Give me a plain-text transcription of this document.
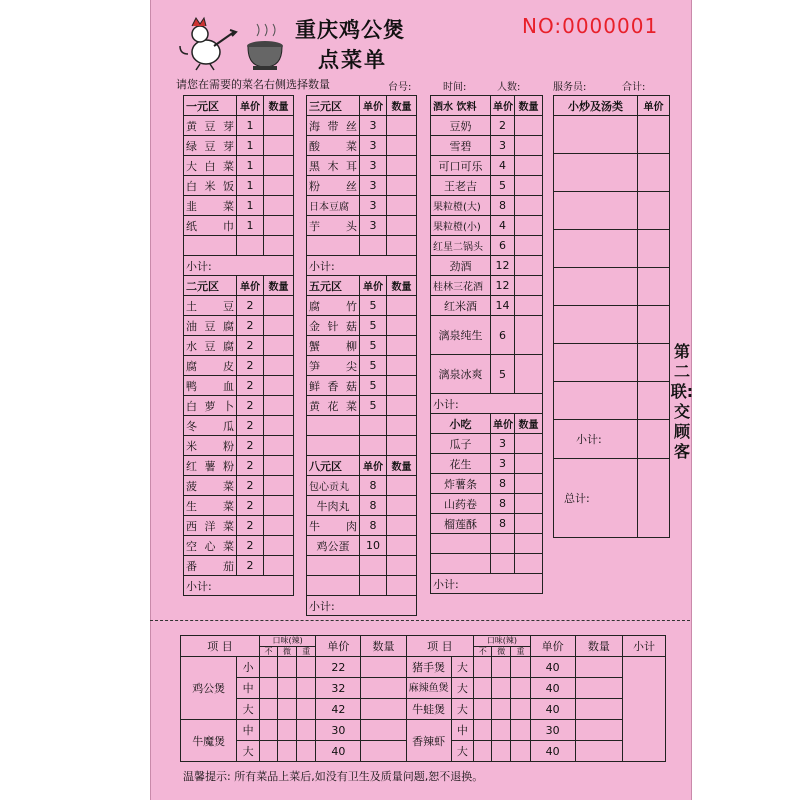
重庆鸡公煲
点菜单
NO:0000001
请您在需要的菜名右侧选择数量	台号:	时间:	人数:	服务员:	合计:
一元区	单价	数量
黄豆芽	1	
绿豆芽	1	
大白菜	1	
白米饭	1	
韭 菜	1	
纸 巾	1	

小计:		
二元区	单价	数量
土 豆	2	
油豆腐	2	
水豆腐	2	
腐 皮	2	
鸭 血	2	
白萝卜	2	
冬 瓜	2	
米 粉	2	
红薯粉	2	
菠 菜	2	
生 菜	2	
西洋菜	2	
空心菜	2	
番 茄	2	
小计:		
三元区	单价	数量
海带丝	3	
酸 菜	3	
黑木耳	3	
粉 丝	3	
日本豆腐	3	
芋 头	3	

小计:		
五元区	单价	数量
腐 竹	5	
金针菇	5	
蟹 柳	5	
笋 尖	5	
鲜香菇	5	
黄花菜	5	

八元区	单价	数量
包心贡丸	8	
牛肉丸	8	
牛 肉	8	
鸡公蛋	10	

小计:		
酒水 饮料	单价	数量
豆奶	2	
雪碧	3	
可口可乐	4	
王老吉	5	
果粒橙(大)	8	
果粒橙(小)	4	
红星二锅头	6	
劲酒	12	
桂林三花酒	12	
红米酒	14	
漓泉纯生	6	
漓泉冰爽	5	
小计:		
小吃	单价	数量
瓜子	3	
花生	3	
炸薯条	8	
山药卷	8	
榴莲酥	8	

小计:		
小炒及汤类	单价

小计:	
总计:	
第二联:交顾客
项 目		口味(辣)			单价	数量	项 目		口味(辣)			单价	数量	小计
		不	微	重					不	微	重			
鸡公煲	小				22		猪手煲	大				40		
	中				32		麻辣鱼煲	大				40		
	大				42		牛蛙煲	大				40		
牛魔煲	中				30		香辣虾	中				30		
	大				40			大				40		
温馨提示: 所有菜品上菜后,如没有卫生及质量问题,恕不退换。
